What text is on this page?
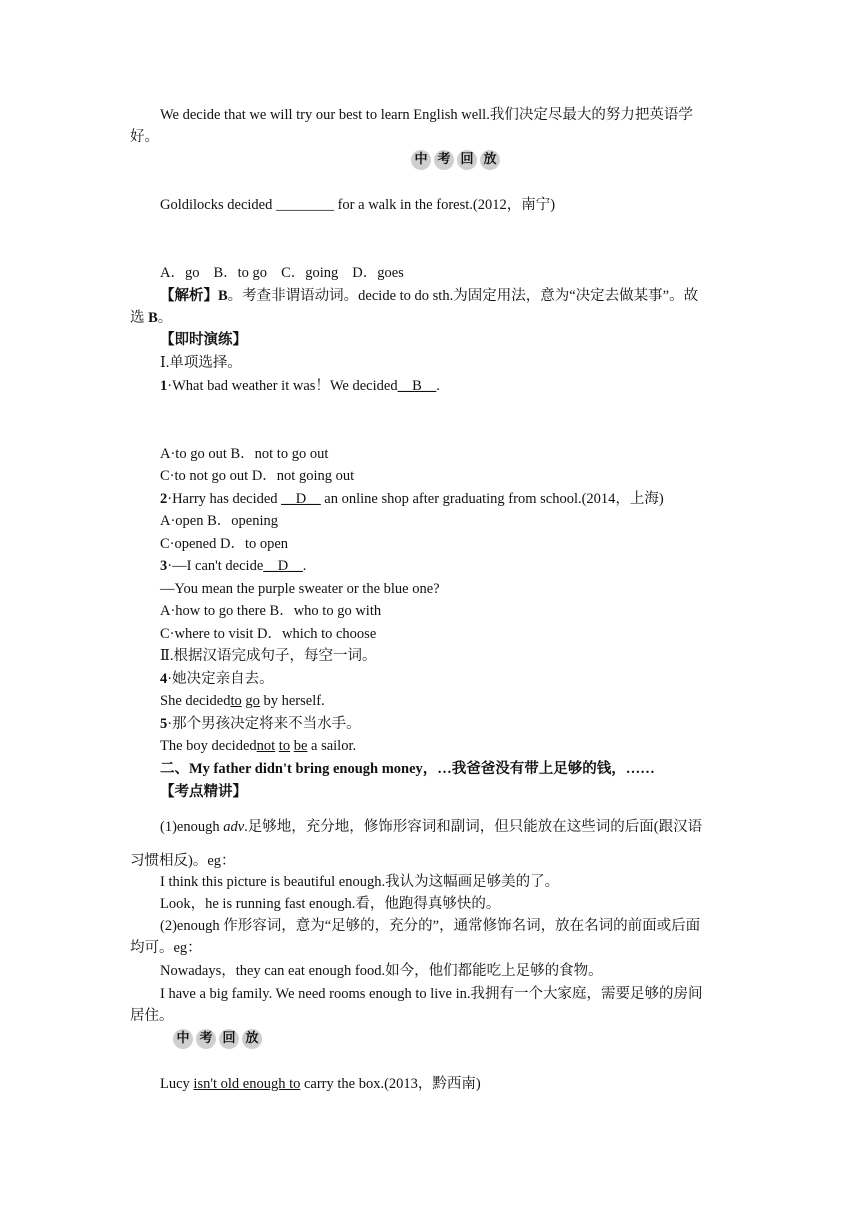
We decide that we will try our best to learn English well.我们决定尽最大的努力把英语学
好。
中 考 回 放
Goldilocks decided ________ for a walk in the forest.(2012，南宁)
A．go B．to go C．going D．goes
【解析】B。考查非谓语动词。decide to do sth.为固定用法，意为“决定去做某事”。故
选 B。
【即时演练】
Ⅰ.单项选择。
1·What bad weather it was！We decided__B__.
A·to go out B．not to go out
C·to not go out D．not going out
2·Harry has decided __D__ an online shop after graduating from school.(2014，上海)
A·open B．opening
C·opened D．to open
3·—I can't decide__D__.
—You mean the purple sweater or the blue one?
A·how to go there B．who to go with
C·where to visit D．which to choose
Ⅱ.根据汉语完成句子，每空一词。
4·她决定亲自去。
She decidedto go by herself.
5·那个男孩决定将来不当水手。
The boy decidednot to be a sailor.
二、My father didn't bring enough money，…我爸爸没有带上足够的钱，……
【考点精讲】
(1)enough adv.足够地，充分地，修饰形容词和副词，但只能放在这些词的后面(跟汉语
习惯相反)。eg：
I think this picture is beautiful enough.我认为这幅画足够美的了。
Look，he is running fast enough.看，他跑得真够快的。
(2)enough 作形容词，意为“足够的，充分的”，通常修饰名词，放在名词的前面或后面
均可。eg：
Nowadays，they can eat enough food.如今，他们都能吃上足够的食物。
I have a big family. We need rooms enough to live in.我拥有一个大家庭，需要足够的房间
居住。
中 考 回 放
Lucy isn't old enough to carry the box.(2013，黔西南)
